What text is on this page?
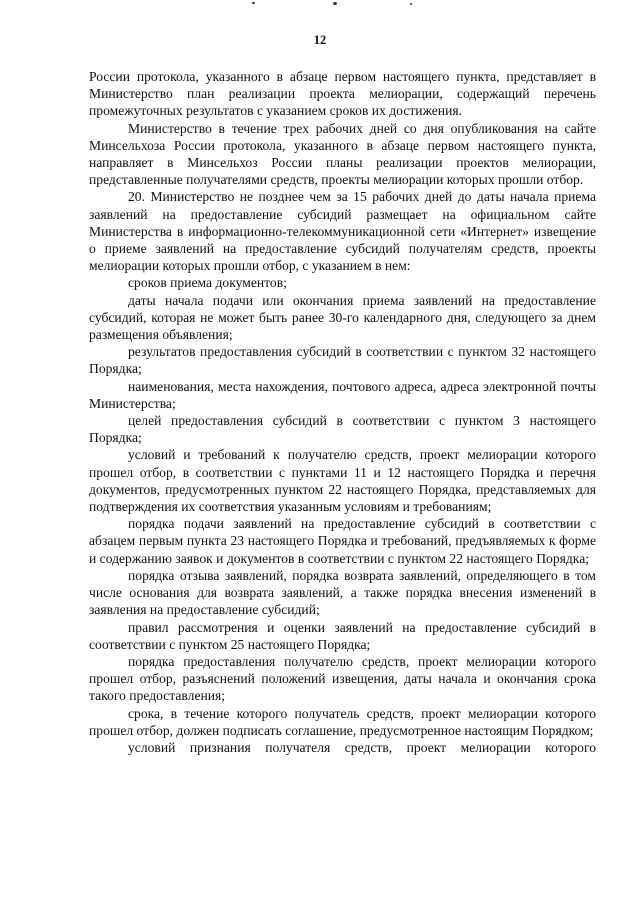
12

России протокола, указанного в абзаце первом настоящего пункта, представляет в Министерство план реализации проекта мелиорации, содержащий перечень промежуточных результатов с указанием сроков их достижения.

Министерство в течение трех рабочих дней со дня опубликования на сайте Минсельхоза России протокола, указанного в абзаце первом настоящего пункта, направляет в Минсельхоз России планы реализации проектов мелиорации, представленные получателями средств, проекты мелиорации которых прошли отбор.

20. Министерство не позднее чем за 15 рабочих дней до даты начала приема заявлений на предоставление субсидий размещает на официальном сайте Министерства в информационно-телекоммуникационной сети «Интернет» извещение о приеме заявлений на предоставление субсидий получателям средств, проекты мелиорации которых прошли отбор, с указанием в нем:

сроков приема документов;

даты начала подачи или окончания приема заявлений на предоставление субсидий, которая не может быть ранее 30-го календарного дня, следующего за днем размещения объявления;

результатов предоставления субсидий в соответствии с пунктом 32 настоящего Порядка;

наименования, места нахождения, почтового адреса, адреса электронной почты Министерства;

целей предоставления субсидий в соответствии с пунктом 3 настоящего Порядка;

условий и требований к получателю средств, проект мелиорации которого прошел отбор, в соответствии с пунктами 11 и 12 настоящего Порядка и перечня документов, предусмотренных пунктом 22 настоящего Порядка, представляемых для подтверждения их соответствия указанным условиям и требованиям;

порядка подачи заявлений на предоставление субсидий в соответствии с абзацем первым пункта 23 настоящего Порядка и требований, предъявляемых к форме и содержанию заявок и документов в соответствии с пунктом 22 настоящего Порядка;

порядка отзыва заявлений, порядка возврата заявлений, определяющего в том числе основания для возврата заявлений, а также порядка внесения изменений в заявления на предоставление субсидий;

правил рассмотрения и оценки заявлений на предоставление субсидий в соответствии с пунктом 25 настоящего Порядка;

порядка предоставления получателю средств, проект мелиорации которого прошел отбор, разъяснений положений извещения, даты начала и окончания срока такого предоставления;

срока, в течение которого получатель средств, проект мелиорации которого прошел отбор, должен подписать соглашение, предусмотренное настоящим Порядком;

условий признания получателя средств, проект мелиорации которого
